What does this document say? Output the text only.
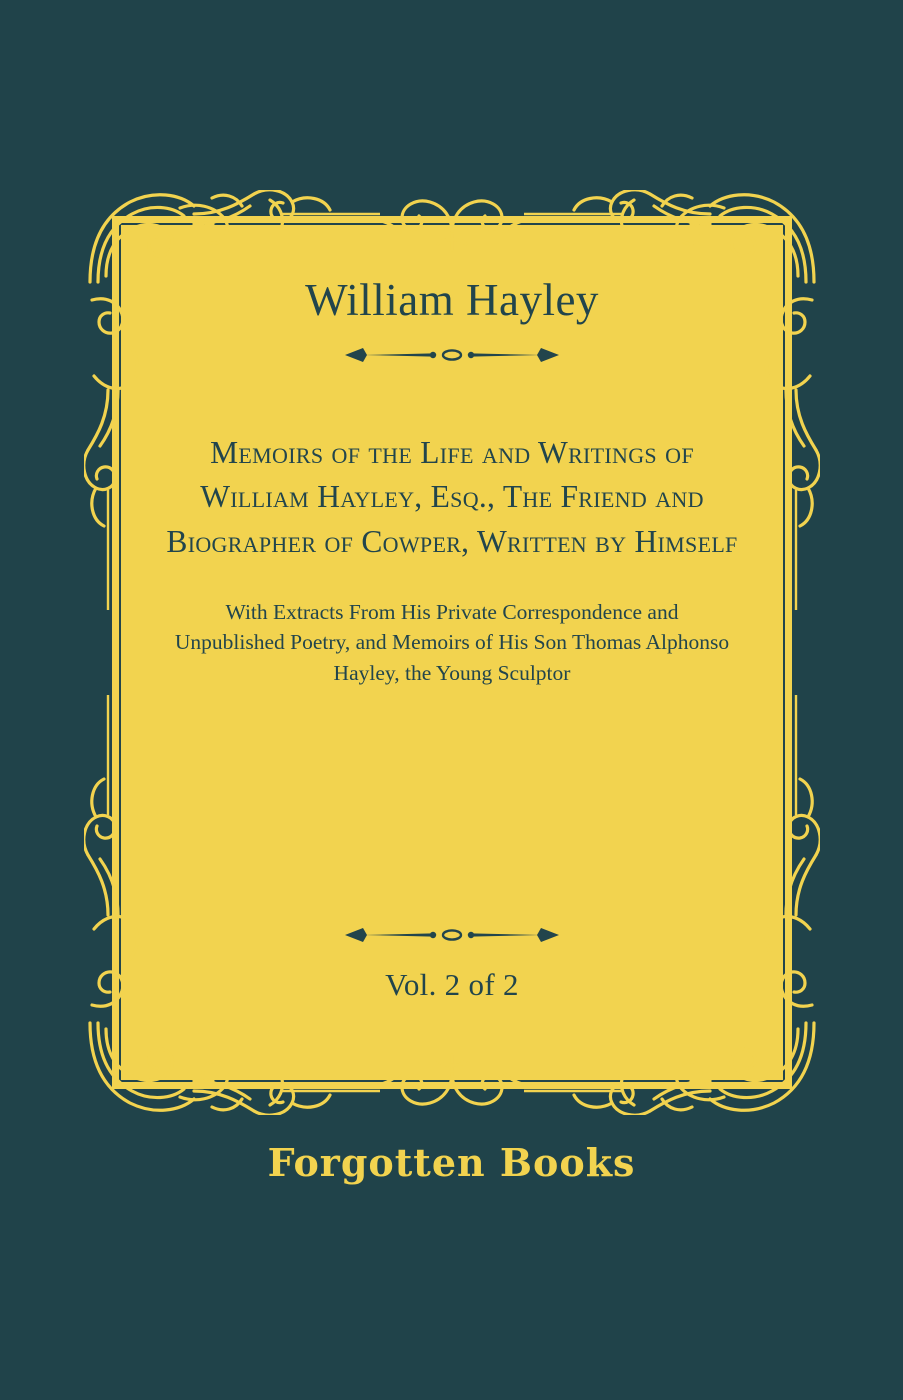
William Hayley
Memoirs of the Life and Writings of William Hayley, Esq., The Friend and Biographer of Cowper, Written by Himself
With Extracts From His Private Correspondence and Unpublished Poetry, and Memoirs of His Son Thomas Alphonso Hayley, the Young Sculptor
Vol. 2 of 2
Forgotten Books
